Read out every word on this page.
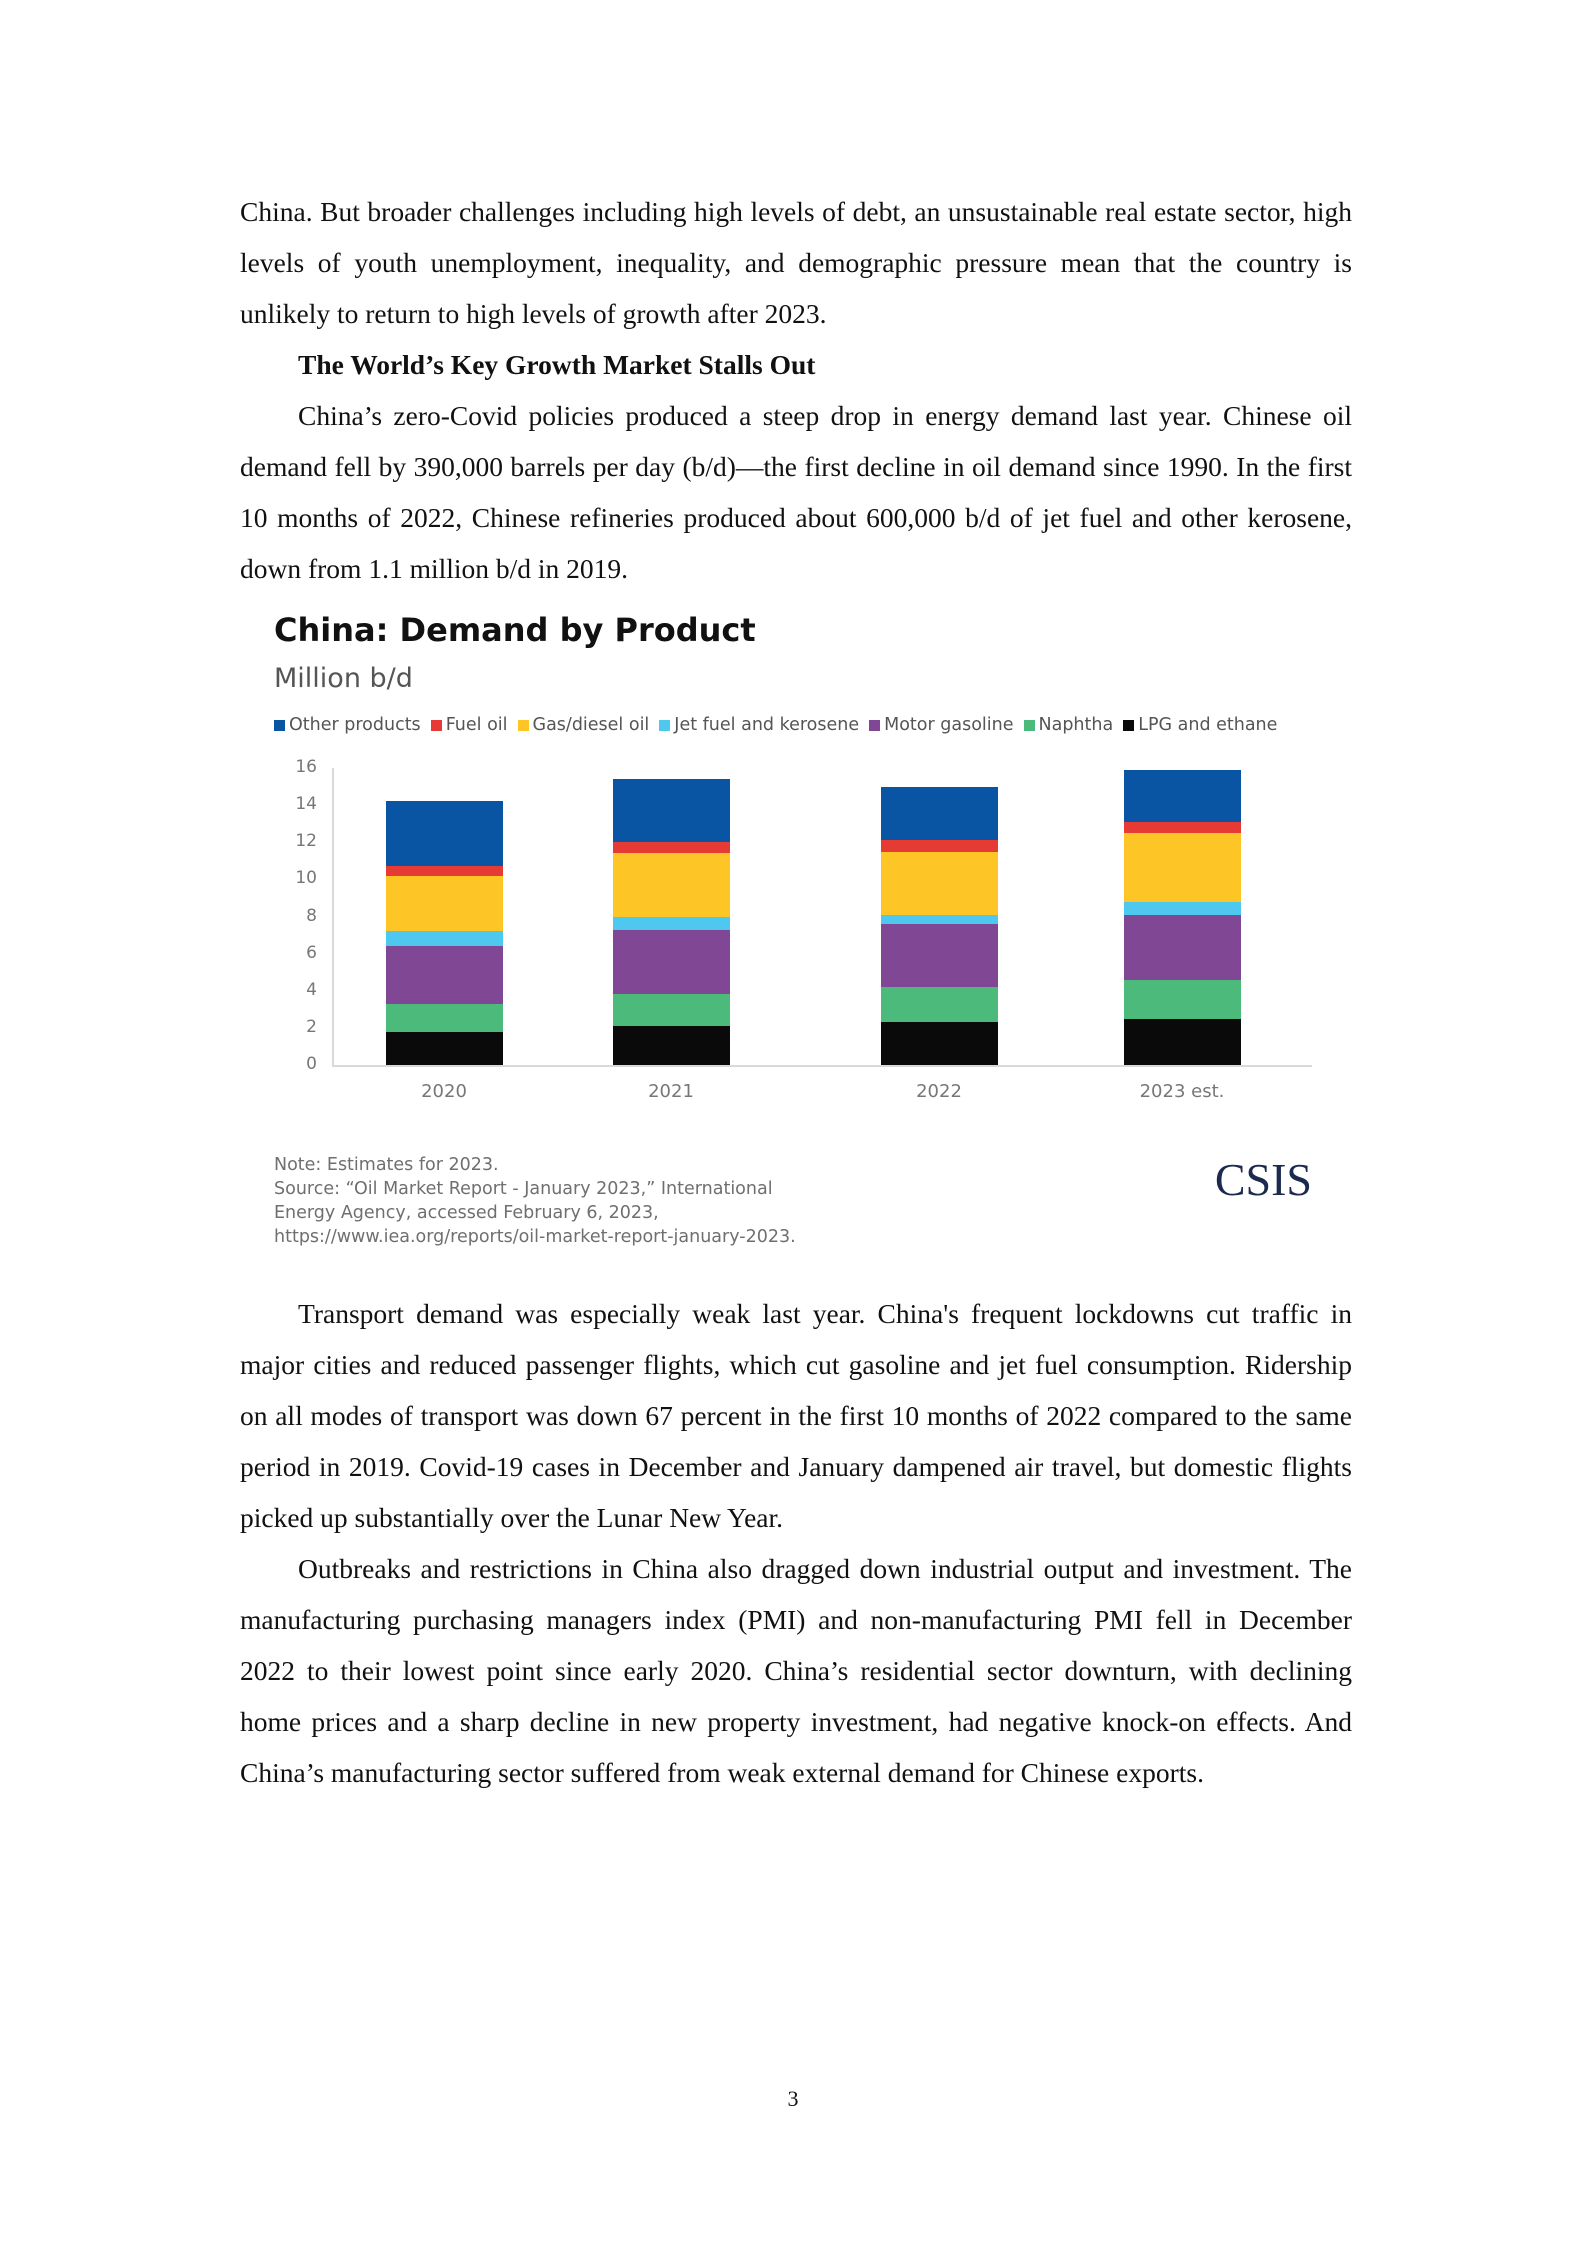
China. But broader challenges including high levels of debt, an unsustainable real estate sector, high levels of youth unemployment, inequality, and demographic pressure mean that the country is unlikely to return to high levels of growth after 2023.

The World’s Key Growth Market Stalls Out

China’s zero-Covid policies produced a steep drop in energy demand last year. Chinese oil demand fell by 390,000 barrels per day (b/d)—the first decline in oil demand since 1990. In the first 10 months of 2022, Chinese refineries produced about 600,000 b/d of jet fuel and other kerosene, down from 1.1 million b/d in 2019.

China: Demand by Product
Million b/d
Other products Fuel oil Gas/diesel oil Jet fuel and kerosene Motor gasoline Naphtha LPG and ethane
0
2
4
6
8
10
12
14
16
2020	2021	2022	2023 est.
Note: Estimates for 2023.
Source: “Oil Market Report - January 2023,” International
Energy Agency, accessed February 6, 2023,
https://www.iea.org/reports/oil-market-report-january-2023.
CSIS

Transport demand was especially weak last year. China's frequent lockdowns cut traffic in major cities and reduced passenger flights, which cut gasoline and jet fuel consumption. Ridership on all modes of transport was down 67 percent in the first 10 months of 2022 compared to the same period in 2019. Covid-19 cases in December and January dampened air travel, but domestic flights picked up substantially over the Lunar New Year.

Outbreaks and restrictions in China also dragged down industrial output and investment. The manufacturing purchasing managers index (PMI) and non-manufacturing PMI fell in December 2022 to their lowest point since early 2020. China’s residential sector downturn, with declining home prices and a sharp decline in new property investment, had negative knock-on effects. And China’s manufacturing sector suffered from weak external demand for Chinese exports.

3
